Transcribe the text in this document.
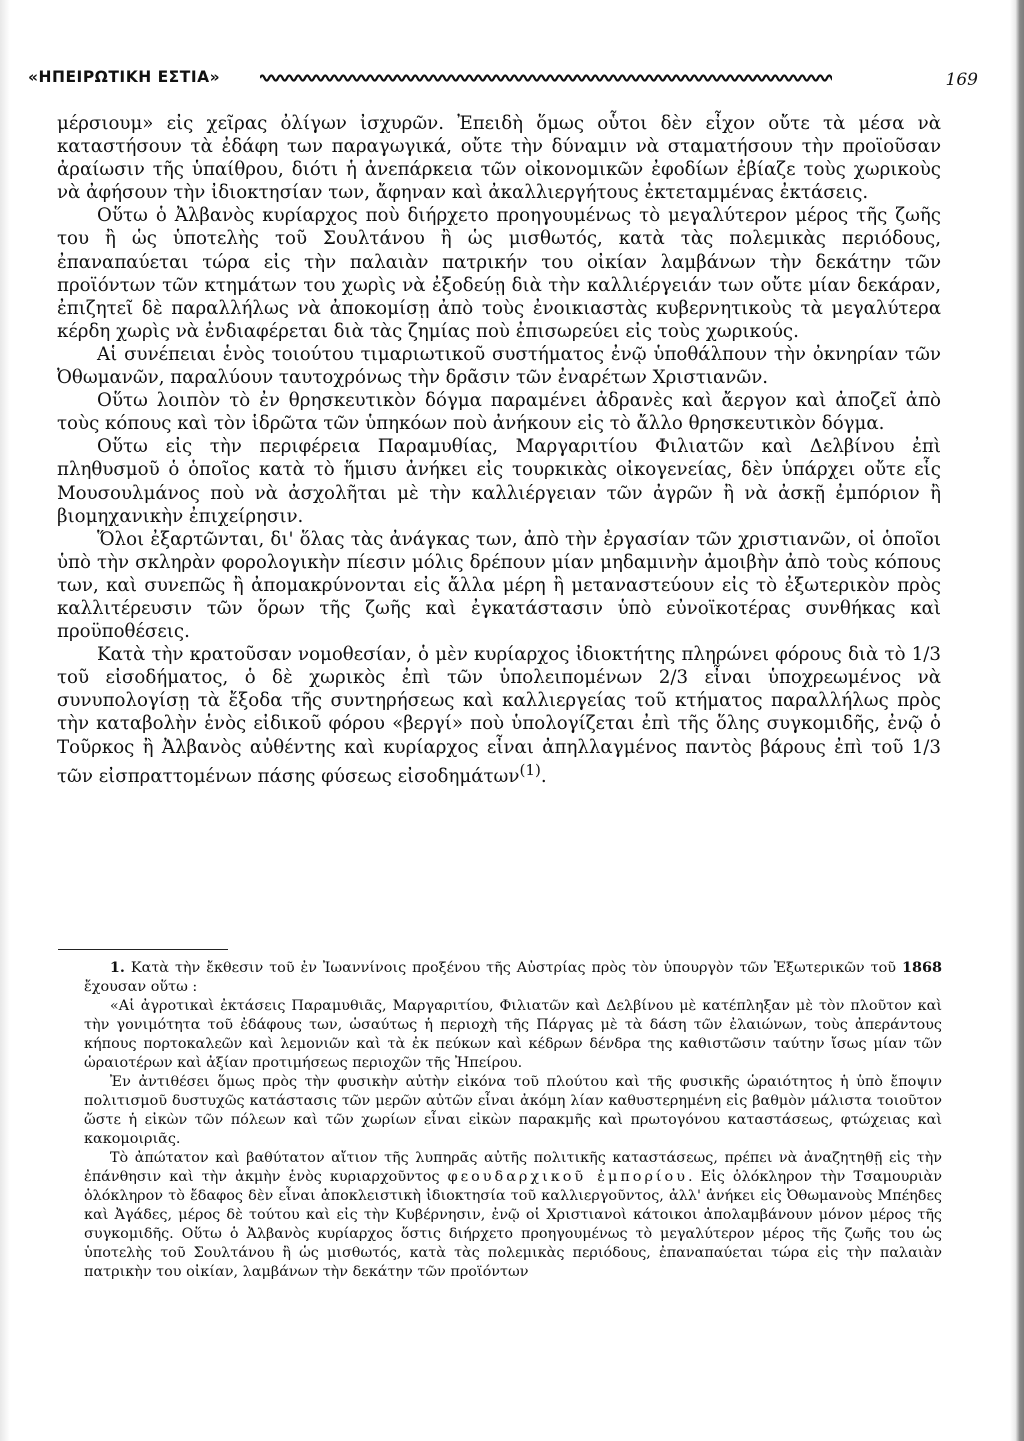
«ΗΠΕΙΡΩΤΙΚΗ ΕΣΤΙΑ»	169

μέρσιουμ» εἰς χεῖρας ὀλίγων ἰσχυρῶν. Ἐπειδὴ ὅμως οὗτοι δὲν εἶχον οὔτε τὰ μέσα νὰ καταστήσουν τὰ ἐδάφη των παραγωγικά, οὔτε τὴν δύναμιν νὰ σταματήσουν τὴν προϊοῦσαν ἀραίωσιν τῆς ὑπαίθρου, διότι ἡ ἀνεπάρκεια τῶν οἰκονομικῶν ἐφοδίων ἐβίαζε τοὺς χωρικοὺς νὰ ἀφήσουν τὴν ἰδιοκτησίαν των, ἄφηναν καὶ ἀκαλλιεργήτους ἐκτεταμμένας ἐκτάσεις.

Οὕτω ὁ Ἀλβανὸς κυρίαρχος ποὺ διήρχετο προηγουμένως τὸ μεγαλύτερον μέρος τῆς ζωῆς του ἢ ὡς ὑποτελὴς τοῦ Σουλτάνου ἢ ὡς μισθωτός, κατὰ τὰς πολεμικὰς περιόδους, ἐπαναπαύεται τώρα εἰς τὴν παλαιὰν πατρικήν του οἰκίαν λαμβάνων τὴν δεκάτην τῶν προϊόντων τῶν κτημάτων του χωρὶς νὰ ἐξοδεύῃ διὰ τὴν καλλιέργειάν των οὔτε μίαν δεκάραν, ἐπιζητεῖ δὲ παραλλήλως νὰ ἀποκομίσῃ ἀπὸ τοὺς ἐνοικιαστὰς κυβερνητικοὺς τὰ μεγαλύτερα κέρδη χωρὶς νὰ ἐνδιαφέρεται διὰ τὰς ζημίας ποὺ ἐπισωρεύει εἰς τοὺς χωρικούς.

Αἱ συνέπειαι ἑνὸς τοιούτου τιμαριωτικοῦ συστήματος ἐνῷ ὑποθάλπουν τὴν ὀκνηρίαν τῶν Ὀθωμανῶν, παραλύουν ταυτοχρόνως τὴν δρᾶσιν τῶν ἐναρέτων Χριστιανῶν.

Οὕτω λοιπὸν τὸ ἐν θρησκευτικὸν δόγμα παραμένει ἀδρανὲς καὶ ἄεργον καὶ ἀποζεῖ ἀπὸ τοὺς κόπους καὶ τὸν ἱδρῶτα τῶν ὑπηκόων ποὺ ἀνήκουν εἰς τὸ ἄλλο θρησκευτικὸν δόγμα.

Οὕτω εἰς τὴν περιφέρεια Παραμυθίας, Μαργαριτίου Φιλιατῶν καὶ Δελβίνου ἐπὶ πληθυσμοῦ ὁ ὁποῖος κατὰ τὸ ἥμισυ ἀνήκει εἰς τουρκικὰς οἰκογενείας, δὲν ὑπάρχει οὔτε εἷς Μουσουλμάνος ποὺ νὰ ἀσχολῆται μὲ τὴν καλλιέργειαν τῶν ἀγρῶν ἢ νὰ ἀσκῇ ἐμπόριον ἢ βιομηχανικὴν ἐπιχείρησιν.

Ὅλοι ἐξαρτῶνται, δι' ὅλας τὰς ἀνάγκας των, ἀπὸ τὴν ἐργασίαν τῶν χριστιανῶν, οἱ ὁποῖοι ὑπὸ τὴν σκληρὰν φορολογικὴν πίεσιν μόλις δρέπουν μίαν μηδαμινὴν ἀμοιβὴν ἀπὸ τοὺς κόπους των, καὶ συνεπῶς ἢ ἀπομακρύνονται εἰς ἄλλα μέρη ἢ μεταναστεύουν εἰς τὸ ἐξωτερικὸν πρὸς καλλιτέρευσιν τῶν ὅρων τῆς ζωῆς καὶ ἐγκατάστασιν ὑπὸ εὐνοϊκοτέρας συνθήκας καὶ προϋποθέσεις.

Κατὰ τὴν κρατοῦσαν νομοθεσίαν, ὁ μὲν κυρίαρχος ἰδιοκτήτης πληρώνει φόρους διὰ τὸ 1/3 τοῦ εἰσοδήματος, ὁ δὲ χωρικὸς ἐπὶ τῶν ὑπολειπομένων 2/3 εἶναι ὑποχρεωμένος νὰ συνυπολογίσῃ τὰ ἔξοδα τῆς συντηρήσεως καὶ καλλιεργείας τοῦ κτήματος παραλλήλως πρὸς τὴν καταβολὴν ἑνὸς εἰδικοῦ φόρου «βεργί» ποὺ ὑπολογίζεται ἐπὶ τῆς ὅλης συγκομιδῆς, ἐνῷ ὁ Τοῦρκος ἢ Ἀλβανὸς αὐθέντης καὶ κυρίαρχος εἶναι ἀπηλλαγμένος παντὸς βάρους ἐπὶ τοῦ 1/3 τῶν εἰσπραττομένων πάσης φύσεως εἰσοδημάτων$^{(1)}$.

1. Κατὰ τὴν ἔκθεσιν τοῦ ἐν Ἰωαννίνοις προξένου τῆς Αὐστρίας πρὸς τὸν ὑπουργὸν τῶν Ἐξωτερικῶν τοῦ 1868 ἔχουσαν οὕτω :

«Αἱ ἀγροτικαὶ ἐκτάσεις Παραμυθιᾶς, Μαργαριτίου, Φιλιατῶν καὶ Δελβίνου μὲ κατέπληξαν μὲ τὸν πλοῦτον καὶ τὴν γονιμότητα τοῦ ἐδάφους των, ὡσαύτως ἡ περιοχὴ τῆς Πάργας μὲ τὰ δάση τῶν ἐλαιώνων, τοὺς ἀπεράντους κήπους πορτοκαλεῶν καὶ λεμονιῶν καὶ τὰ ἐκ πεύκων καὶ κέδρων δένδρα της καθιστῶσιν ταύτην ἴσως μίαν τῶν ὡραιοτέρων καὶ ἀξίαν προτιμήσεως περιοχῶν τῆς Ἠπείρου.

Ἐν ἀντιθέσει ὅμως πρὸς τὴν φυσικὴν αὐτὴν εἰκόνα τοῦ πλούτου καὶ τῆς φυσικῆς ὡραιότητος ἡ ὑπὸ ἔποψιν πολιτισμοῦ δυστυχῶς κατάστασις τῶν μερῶν αὐτῶν εἶναι ἀκόμη λίαν καθυστερημένη εἰς βαθμὸν μάλιστα τοιοῦτον ὥστε ἡ εἰκὼν τῶν πόλεων καὶ τῶν χωρίων εἶναι εἰκὼν παρακμῆς καὶ πρωτογόνου καταστάσεως, φτώχειας καὶ κακομοιριᾶς.

Τὸ ἀπώτατον καὶ βαθύτατον αἴτιον τῆς λυπηρᾶς αὐτῆς πολιτικῆς καταστάσεως, πρέπει νὰ ἀναζητηθῇ εἰς τὴν ἐπάνθησιν καὶ τὴν ἀκμὴν ἑνὸς κυριαρχοῦντος φεουδαρχικοῦ ἐμπορίου. Εἰς ὁλόκληρον τὴν Τσαμουριὰν ὁλόκληρον τὸ ἔδαφος δὲν εἶναι ἀποκλειστικὴ ἰδιοκτησία τοῦ καλλιεργοῦντος, ἀλλ' ἀνήκει εἰς Ὀθωμανοὺς Μπέηδες καὶ Ἀγάδες, μέρος δὲ τούτου καὶ εἰς τὴν Κυβέρνησιν, ἐνῷ οἱ Χριστιανοὶ κάτοικοι ἀπολαμβάνουν μόνον μέρος τῆς συγκομιδῆς. Οὕτω ὁ Ἀλβανὸς κυρίαρχος ὅστις διήρχετο προηγουμένως τὸ μεγαλύτερον μέρος τῆς ζωῆς του ὡς ὑποτελὴς τοῦ Σουλτάνου ἢ ὡς μισθωτός, κατὰ τὰς πολεμικὰς περιόδους, ἐπαναπαύεται τώρα εἰς τὴν παλαιὰν πατρικὴν του οἰκίαν, λαμβάνων τὴν δεκάτην τῶν προϊόντων
